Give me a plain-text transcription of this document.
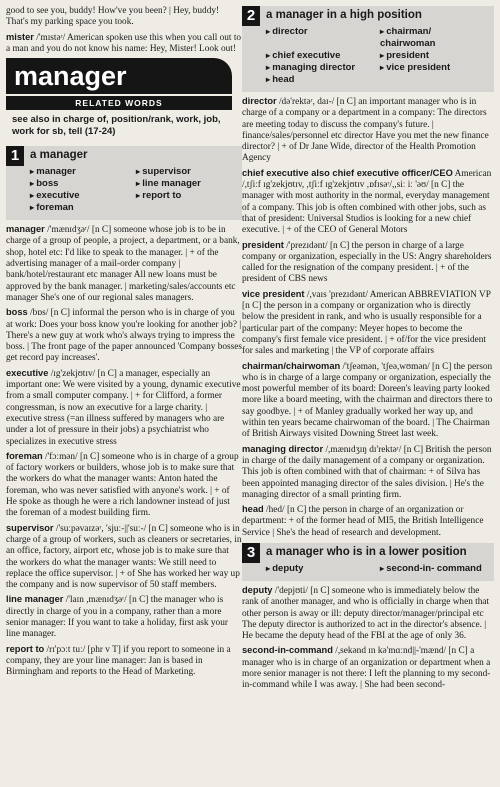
good to see you, buddy! How've you been? | Hey, buddy! That's my parking space you took.

mister /'mɪstəʳ/ American spoken use this when you call out to a man and you do not know his name: Hey, Mister! Look out!

manager
RELATED WORDS
see also in charge of, position/rank, work, job, work for sb, tell (17-24)
1 a manager
▸ manager	▸ supervisor
▸ boss	▸ line manager
▸ executive	▸ report to
▸ foreman

manager /'mænɪdʒəʳ/ [n C] someone whose job is to be in charge of a group of people, a project, a department, or a bank, shop, hotel etc: I'd like to speak to the manager. | + of the advertising manager of a mail-order company | bank/hotel/restaurant etc manager All new loans must be approved by the bank manager. | marketing/sales/accounts etc manager She's one of our regional sales managers.

boss /bɒs/ [n C] informal the person who is in charge of you at work: Does your boss know you're looking for another job? | There's a new guy at work who's always trying to impress the boss. | The front page of the paper announced 'Company bosses get record pay increases'.

executive /ɪg'zekjʊtɪv/ [n C] a manager, especially an important one: We were visited by a young, dynamic executive from a small computer company. | + for Clifford, a former congressman, is now an executive for a large charity. | executive stress (=an illness suffered by managers who are under a lot of pressure in their jobs) a psychiatrist who specializes in executive stress

foreman /'fɔːmən/ [n C] someone who is in charge of a group of factory workers or builders, whose job is to make sure that the workers do what the manager wants: Anton hated the foreman, who was never satisfied with anyone's work. | + of He spoke as though he were a rich landowner instead of just the foreman of a modest building firm.

supervisor /'suːpəvaɪzəʳ, 'sjuː-||'suː-/ [n C] someone who is in charge of a group of workers, such as cleaners or secretaries, in an office, factory, airport etc, whose job is to make sure that the workers do what the manager wants: We still need to replace the office supervisor. | + of She has worked her way up the company and is now supervisor of 50 staff members.

line manager /'laɪn ,mænɪdʒəʳ/ [n C] the manager who is directly in charge of you in a company, rather than a more senior manager: If you want to take a holiday, first ask your line manager.

report to /rɪ'pɔːt tuː/ [phr v T] if you report to someone in a company, they are your line manager: Jan is based in Birmingham and reports to the Head of Marketing.

2 a manager in a high position
▸ director	▸ chairman/ chairwoman
▸ chief executive	▸ president
▸ managing director	▸ vice president
▸ head

director /də'rektəʳ, daɪ-/ [n C] an important manager who is in charge of a company or a department in a company: The directors are meeting today to discuss the company's future. | finance/sales/personnel etc director Have you met the new finance director? | + of Dr Jane Wide, director of the Health Promotion Agency

chief executive also chief executive officer/CEO American /,tʃiːf ɪg'zekjʊtɪv, ,tʃiːf ɪg'zekjʊtɪv ,ɒfɪsəʳ/,,siː iː 'əʊ/ [n C] the manager with most authority in the normal, everyday management of a company. This job is often combined with other jobs, such as that of president: Universal Studios is looking for a new chief executive. | + of the CEO of General Motors

president /'prezɪdənt/ [n C] the person in charge of a large company or organization, especially in the US: Angry shareholders called for the resignation of the company president. | + of the president of CBS news

vice president /,vaɪs 'prezɪdənt/ American ABBREVIATION VP [n C] the person in a company or organization who is directly below the president in rank, and who is usually responsible for a particular part of the company: Meyer hopes to become the company's first female vice president. | + of/for the vice president for sales and marketing | the VP of corporate affairs

chairman/chairwoman /'tʃeəmən, 'tʃeə,wʊmən/ [n C] the person who is in charge of a large company or organization, especially the most powerful member of its board: Doreen's leaving party looked more like a board meeting, with the chairman and directors there to say goodbye. | + of Manley gradually worked her way up, and within ten years became chairwoman of the board. | The Chairman of British Airways visited Downing Street last week.

managing director /,mænɪdʒɪŋ dɪ'rektəʳ/ [n C] British the person in charge of the daily management of a company or organization. This job is often combined with that of chairman: + of Silva has been appointed managing director of the sales division. | He's the managing director of a small printing firm.

head /hed/ [n C] the person in charge of an organization or department: + of the former head of MI5, the British Intelligence Service | She's the head of research and development.

3 a manager who is in a lower position
▸ deputy	▸ second-in- command

deputy /'depjʊti/ [n C] someone who is immediately below the rank of another manager, and who is officially in charge when that other person is away or ill: deputy director/manager/principal etc The deputy director is authorized to act in the director's absence. | He became the deputy head of the FBI at the age of only 36.

second-in-command /,sekənd ɪn kə'mɑːnd||-'mænd/ [n C] a manager who is in charge of an organization or department when a more senior manager is not there: I left the planning to my second-in-command while I was away. | She had been second-
